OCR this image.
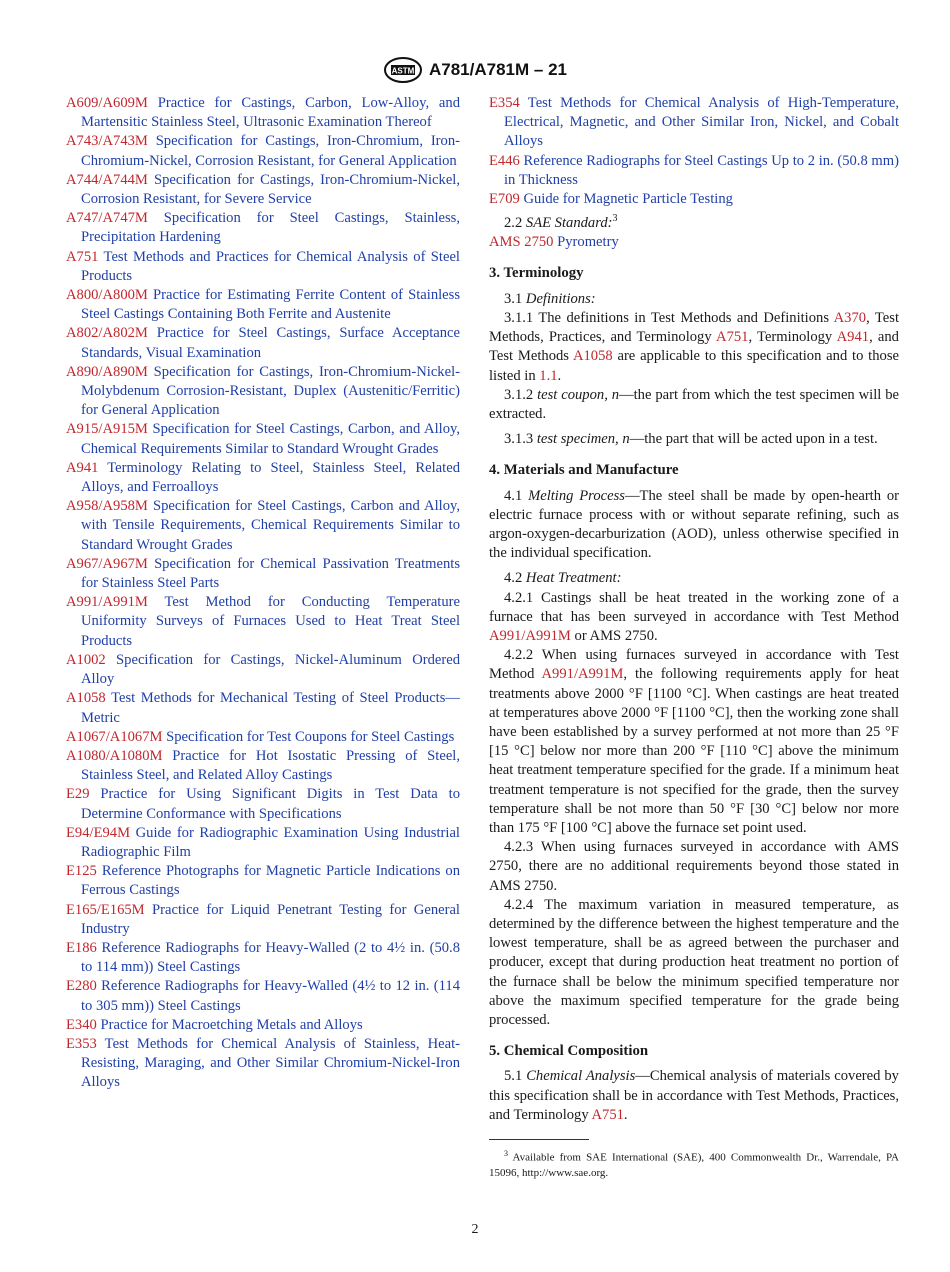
ASTM A781/A781M – 21

A609/A609M Practice for Castings, Carbon, Low-Alloy, and Martensitic Stainless Steel, Ultrasonic Examination Thereof

A743/A743M Specification for Castings, Iron-Chromium, Iron-Chromium-Nickel, Corrosion Resistant, for General Application

A744/A744M Specification for Castings, Iron-Chromium-Nickel, Corrosion Resistant, for Severe Service

A747/A747M Specification for Steel Castings, Stainless, Precipitation Hardening

A751 Test Methods and Practices for Chemical Analysis of Steel Products

A800/A800M Practice for Estimating Ferrite Content of Stainless Steel Castings Containing Both Ferrite and Austenite

A802/A802M Practice for Steel Castings, Surface Acceptance Standards, Visual Examination

A890/A890M Specification for Castings, Iron-Chromium-Nickel-Molybdenum Corrosion-Resistant, Duplex (Austenitic/Ferritic) for General Application

A915/A915M Specification for Steel Castings, Carbon, and Alloy, Chemical Requirements Similar to Standard Wrought Grades

A941 Terminology Relating to Steel, Stainless Steel, Related Alloys, and Ferroalloys

A958/A958M Specification for Steel Castings, Carbon and Alloy, with Tensile Requirements, Chemical Requirements Similar to Standard Wrought Grades

A967/A967M Specification for Chemical Passivation Treatments for Stainless Steel Parts

A991/A991M Test Method for Conducting Temperature Uniformity Surveys of Furnaces Used to Heat Treat Steel Products

A1002 Specification for Castings, Nickel-Aluminum Ordered Alloy

A1058 Test Methods for Mechanical Testing of Steel Products—Metric

A1067/A1067M Specification for Test Coupons for Steel Castings

A1080/A1080M Practice for Hot Isostatic Pressing of Steel, Stainless Steel, and Related Alloy Castings

E29 Practice for Using Significant Digits in Test Data to Determine Conformance with Specifications

E94/E94M Guide for Radiographic Examination Using Industrial Radiographic Film

E125 Reference Photographs for Magnetic Particle Indications on Ferrous Castings

E165/E165M Practice for Liquid Penetrant Testing for General Industry

E186 Reference Radiographs for Heavy-Walled (2 to 4½ in. (50.8 to 114 mm)) Steel Castings

E280 Reference Radiographs for Heavy-Walled (4½ to 12 in. (114 to 305 mm)) Steel Castings

E340 Practice for Macroetching Metals and Alloys

E353 Test Methods for Chemical Analysis of Stainless, Heat-Resisting, Maraging, and Other Similar Chromium-Nickel-Iron Alloys

E354 Test Methods for Chemical Analysis of High-Temperature, Electrical, Magnetic, and Other Similar Iron, Nickel, and Cobalt Alloys

E446 Reference Radiographs for Steel Castings Up to 2 in. (50.8 mm) in Thickness

E709 Guide for Magnetic Particle Testing

2.2 SAE Standard:$^3$

AMS 2750 Pyrometry

3. Terminology

3.1 Definitions:

3.1.1 The definitions in Test Methods and Definitions A370, Test Methods, Practices, and Terminology A751, Terminology A941, and Test Methods A1058 are applicable to this specification and to those listed in 1.1.

3.1.2 test coupon, n—the part from which the test specimen will be extracted.

3.1.3 test specimen, n—the part that will be acted upon in a test.

4. Materials and Manufacture

4.1 Melting Process—The steel shall be made by open-hearth or electric furnace process with or without separate refining, such as argon-oxygen-decarburization (AOD), unless otherwise specified in the individual specification.

4.2 Heat Treatment:

4.2.1 Castings shall be heat treated in the working zone of a furnace that has been surveyed in accordance with Test Method A991/A991M or AMS 2750.

4.2.2 When using furnaces surveyed in accordance with Test Method A991/A991M, the following requirements apply for heat treatments above 2000 °F [1100 °C]. When castings are heat treated at temperatures above 2000 °F [1100 °C], then the working zone shall have been established by a survey performed at not more than 25 °F [15 °C] below nor more than 200 °F [110 °C] above the minimum heat treatment temperature specified for the grade. If a minimum heat treatment temperature is not specified for the grade, then the survey temperature shall be not more than 50 °F [30 °C] below nor more than 175 °F [100 °C] above the furnace set point used.

4.2.3 When using furnaces surveyed in accordance with AMS 2750, there are no additional requirements beyond those stated in AMS 2750.

4.2.4 The maximum variation in measured temperature, as determined by the difference between the highest temperature and the lowest temperature, shall be as agreed between the purchaser and producer, except that during production heat treatment no portion of the furnace shall be below the minimum specified temperature nor above the maximum specified temperature for the grade being processed.

5. Chemical Composition

5.1 Chemical Analysis—Chemical analysis of materials covered by this specification shall be in accordance with Test Methods, Practices, and Terminology A751.

$^3$ Available from SAE International (SAE), 400 Commonwealth Dr., Warrendale, PA 15096, http://www.sae.org.

2
